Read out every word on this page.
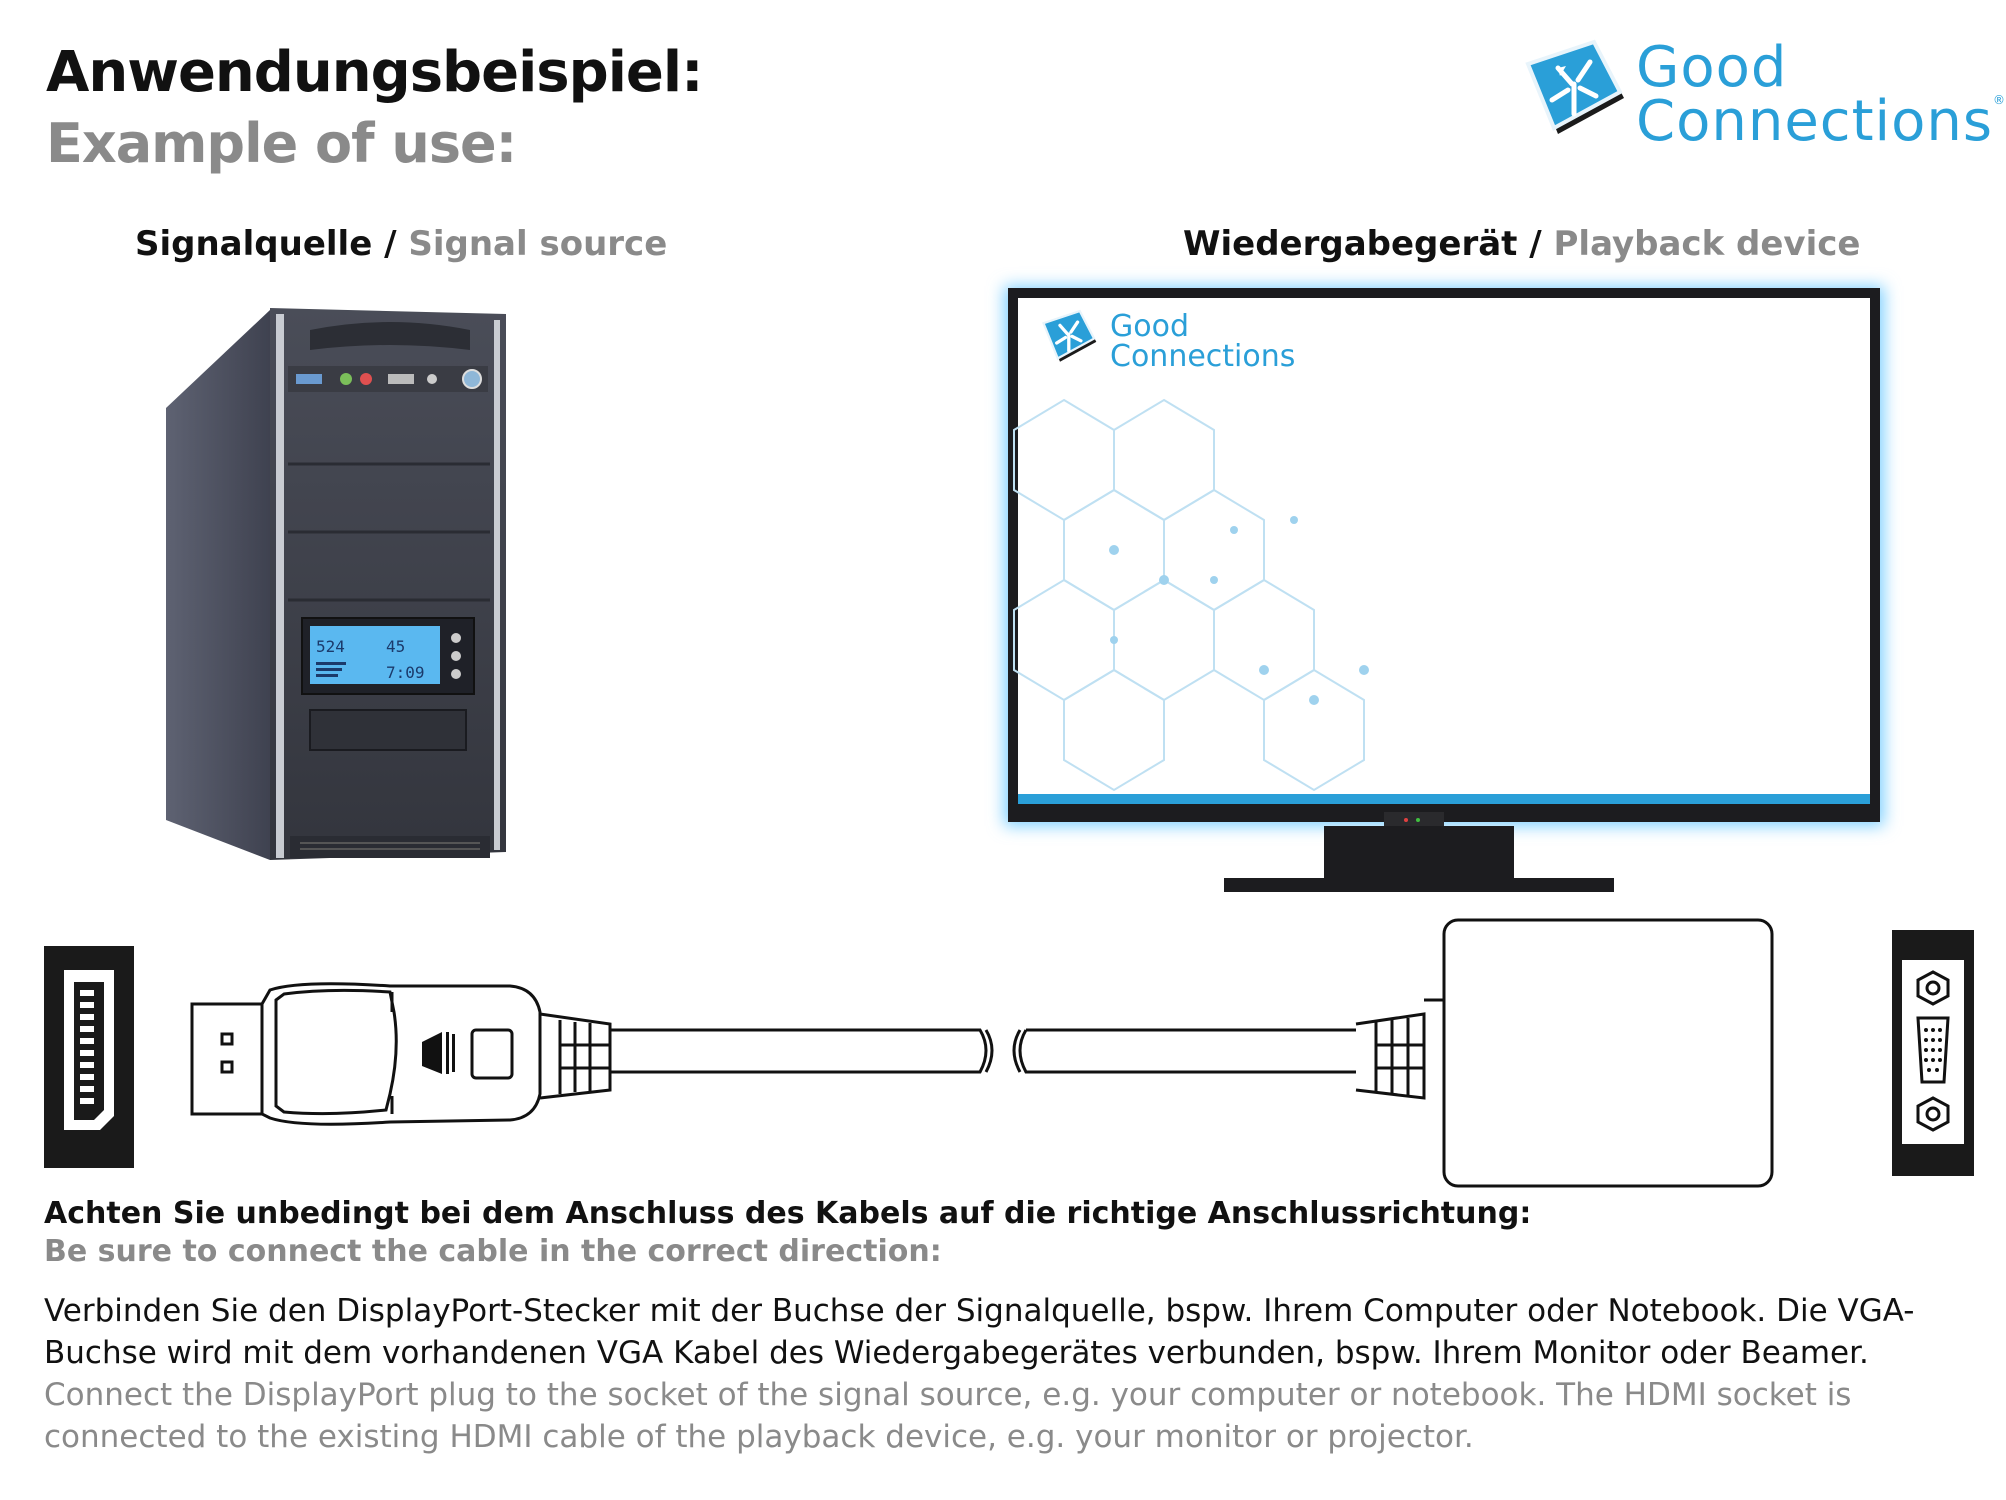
Anwendungsbeispiel:
Example of use:
Good
Connections®
Signalquelle / Signal source	Wiedergabegerät / Playback device
524	45
7:09
Good
Connections
Achten Sie unbedingt bei dem Anschluss des Kabels auf die richtige Anschlussrichtung:
Be sure to connect the cable in the correct direction:
Verbinden Sie den DisplayPort-Stecker mit der Buchse der Signalquelle, bspw. Ihrem Computer oder Notebook. Die VGA-Buchse wird mit dem vorhandenen VGA Kabel des Wiedergabegerätes verbunden, bspw. Ihrem Monitor oder Beamer.
Connect the DisplayPort plug to the socket of the signal source, e.g. your computer or notebook. The HDMI socket is connected to the existing HDMI cable of the playback device, e.g. your monitor or projector.
